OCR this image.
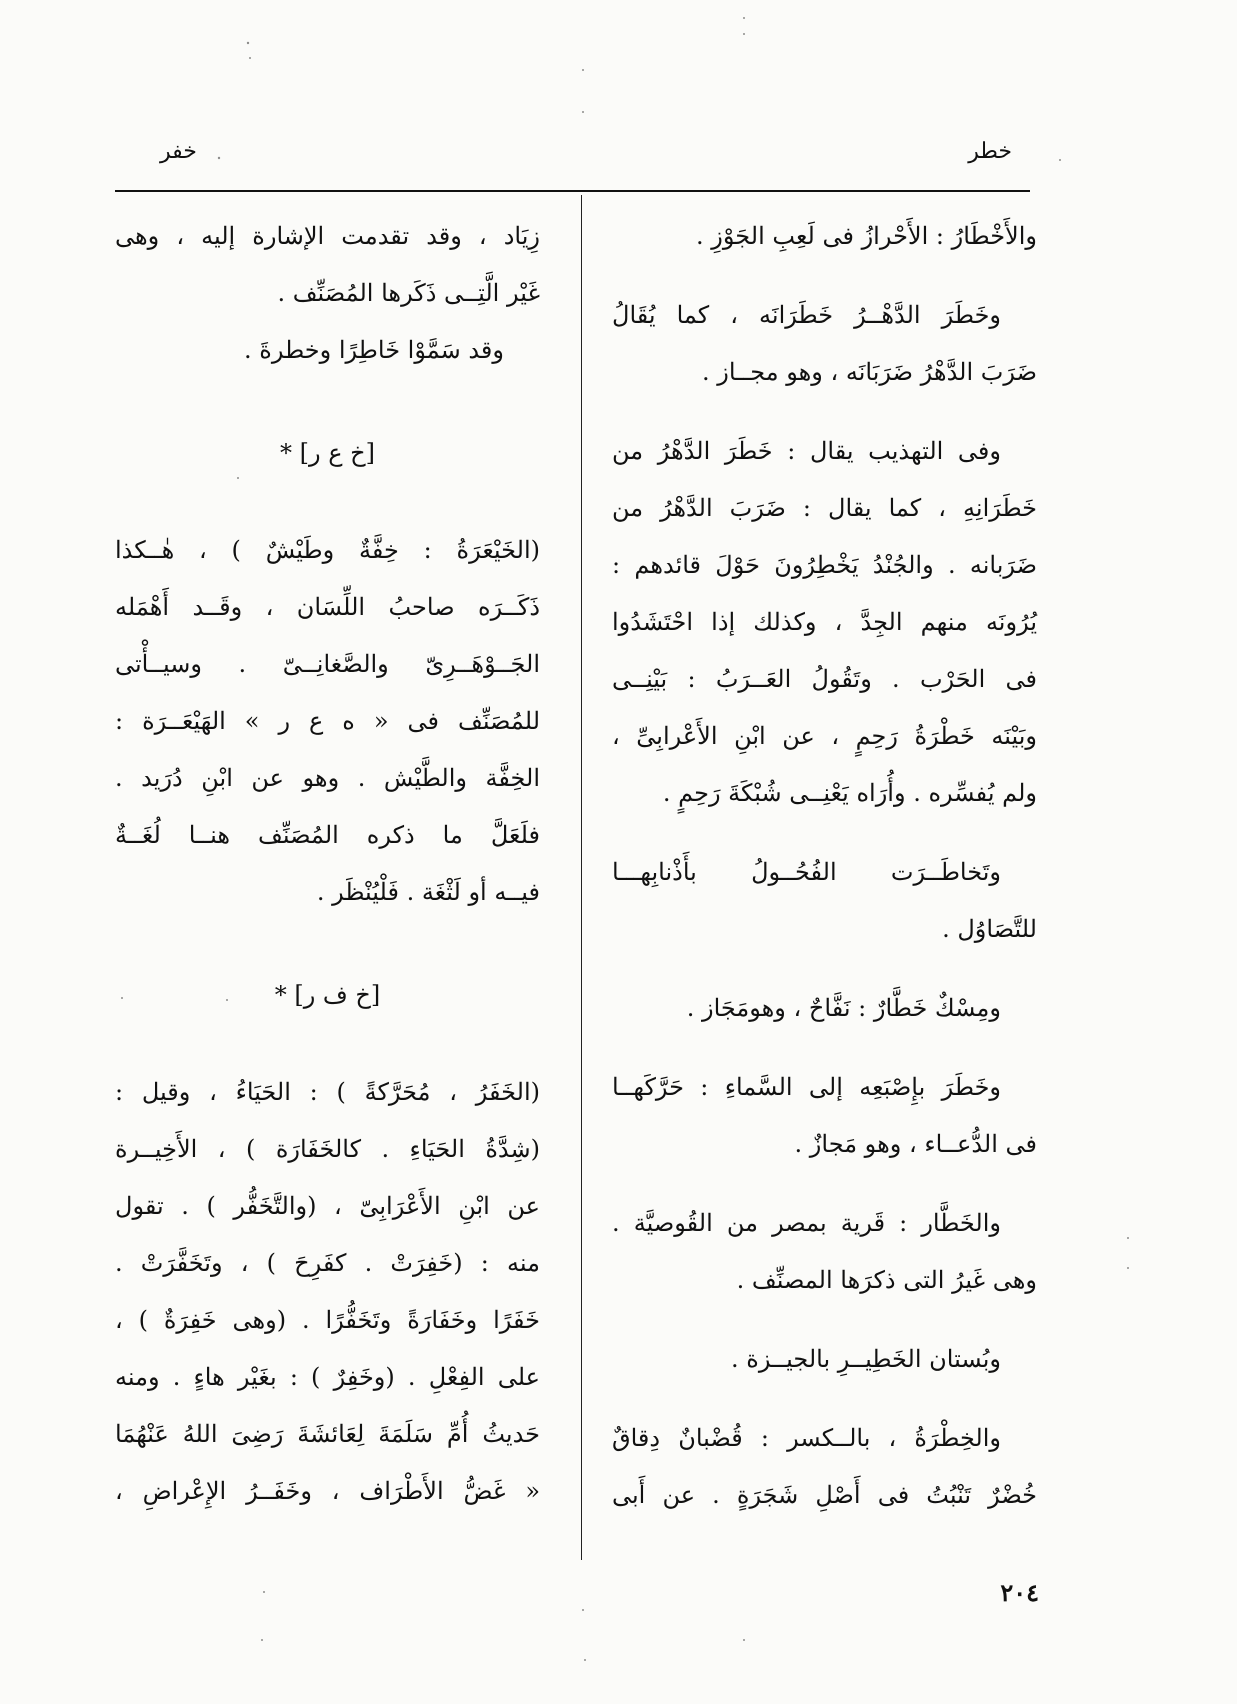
خطر
خفر

والأَخْطَارُ : الأَحْرازُ فى لَعِبِ الجَوْزِ .

وخَطَرَ الدَّهْــرُ خَطَرَانَه ، كما يُقَالُ

ضَرَبَ الدَّهْرُ ضَرَبَانَه ، وهو مجــاز .

وفى التهذيب يقال : خَطَرَ الدَّهْرُ من

خَطَرَانِهِ ، كما يقال : ضَرَبَ الدَّهْرُ من

ضَرَبانه . والجُنْدُ يَخْطِرُونَ حَوْلَ قائدهم :

يُرُونَه منهم الجِدَّ ، وكذلك إذا احْتَشَدُوا

فى الحَرْب . وتَقُولُ العَــرَبُ : بَيْنِــى

وبَيْنَه خَطْرَةُ رَحِمٍ ، عن ابْنِ الأَعْرابِىِّ ،

ولم يُفسِّره . وأُرَاه يَعْنِــى شُبْكَةَ رَحِمٍ .

وتَخاطَــرَت الفُحُــولُ بأَذْنابِهـــا

للتَّصَاوُل .

ومِسْكٌ خَطَّارٌ : نَفَّاحٌ ، وهومَجَاز .

وخَطَرَ بإِصْبَعِه إلى السَّماءِ : حَرَّكَهــا

فى الدُّعــاء ، وهو مَجازٌ .

والخَطَّار : قَرية بمصر من القُوصيَّة .

وهى غَيرُ التى ذكرَها المصنِّف .

وبُستان الخَطِيــرِ بالجيــزة .

والخِطْرَةُ ، بالــكسر : قُضْبانٌ دِقاقٌ

خُضْرٌ تَنْبُتُ فى أَصْلِ شَجَرَةٍ . عن أَبى

زِيَاد ، وقد تقدمت الإشارة إليه ، وهى

غَيْر الَّتِــى ذَكَرها المُصَنِّف .

وقد سَمَّوْا خَاطِرًا وخطرةَ .

[خ ع ر] *

(الخَيْعَرَةُ : خِفَّةٌ وطَيْشٌ ) ، هٰــكذا

ذَكَــرَه صاحبُ اللِّسَان ، وقَــد أَهْمَله

الجَــوْهَــرِىّ والصَّغانِــىّ . وسيــأْتى

للمُصَنِّف فى « ه ع ر » الهَيْعَــرَة :

الخِفَّة والطَّيْش . وهو عن ابْنِ دُرَيد .

فلَعَلَّ ما ذكره المُصَنِّف هنــا لُغَــةٌ

فيــه أو لَثْغَة . فَلْيُنْظَر .

[خ ف ر] *

(الخَفَرُ ، مُحَرَّكةً ) : الحَيَاءُ ، وقيل :

(شِدَّةُ الحَيَاءِ . كالخَفَارَة ) ، الأَخِيــرة

عن ابْنِ الأَعْرَابِىّ ، (والتَّخَفُّر ) . تقول

منه : (خَفِرَتْ . كفَرِحَ ) ، وتَخَفَّرَتْ .

خَفَرًا وخَفَارَةً وتَخَفُّرًا . (وهى خَفِرَةٌ ) ،

على الفِعْلِ . (وخَفِرٌ ) : بغَيْر هاءٍ . ومنه

حَديثُ أُمِّ سَلَمَةَ لِعَائشَةَ رَضِىَ اللهُ عَنْهُمَا

« غَضُّ الأَطْرَاف ، وخَفَــرُ الإِعْراضِ ،

٢٠٤
